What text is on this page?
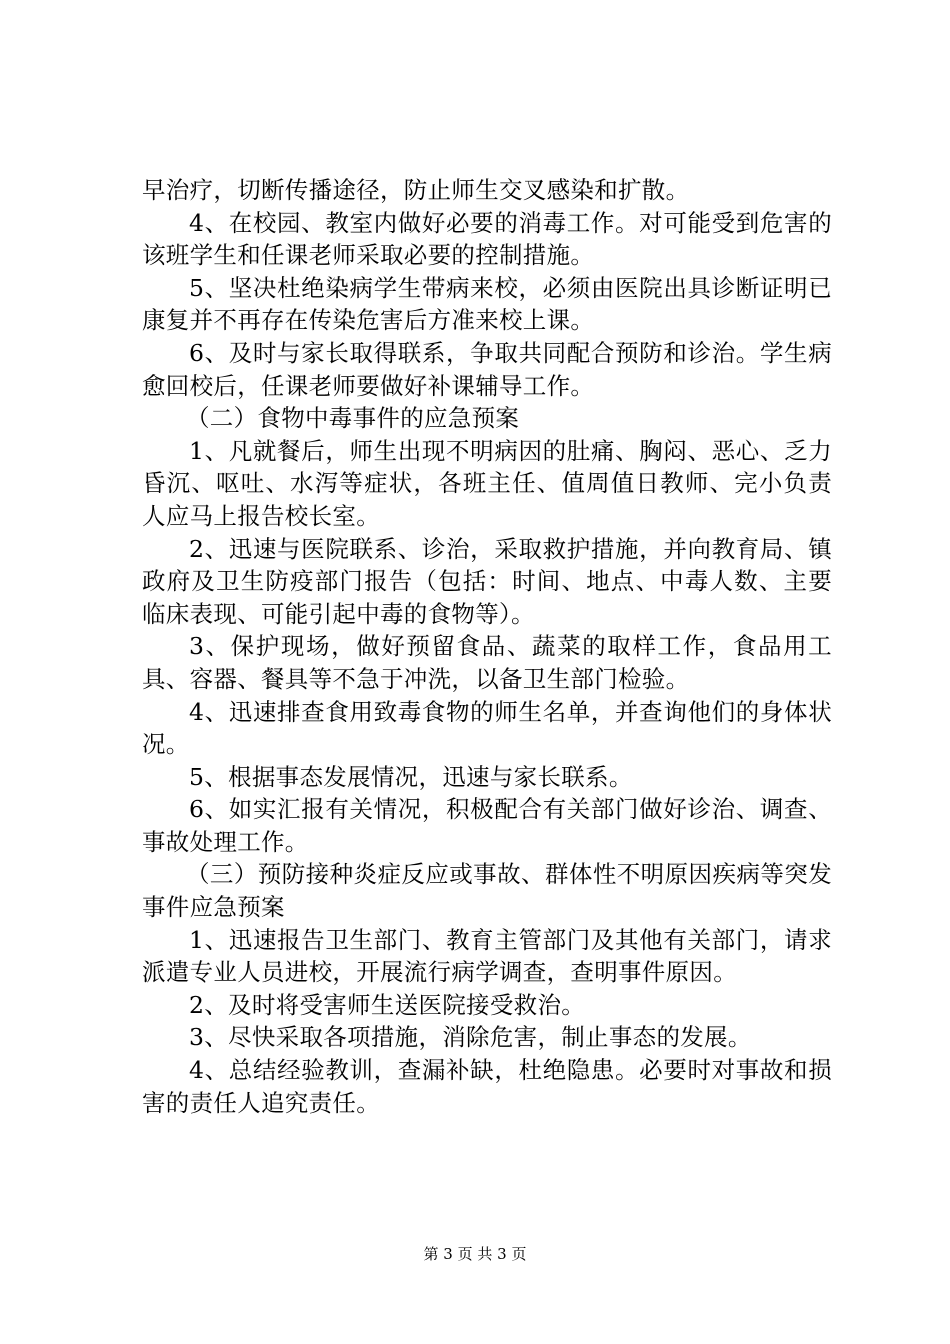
早治疗，切断传播途径，防止师生交叉感染和扩散。

4、在校园、教室内做好必要的消毒工作。对可能受到危害的该班学生和任课老师采取必要的控制措施。

5、坚决杜绝染病学生带病来校，必须由医院出具诊断证明已康复并不再存在传染危害后方准来校上课。

6、及时与家长取得联系，争取共同配合预防和诊治。学生病愈回校后，任课老师要做好补课辅导工作。

（二）食物中毒事件的应急预案

1、凡就餐后，师生出现不明病因的肚痛、胸闷、恶心、乏力昏沉、呕吐、水泻等症状，各班主任、值周值日教师、完小负责人应马上报告校长室。

2、迅速与医院联系、诊治，采取救护措施，并向教育局、镇政府及卫生防疫部门报告（包括：时间、地点、中毒人数、主要临床表现、可能引起中毒的食物等）。

3、保护现场，做好预留食品、蔬菜的取样工作，食品用工具、容器、餐具等不急于冲洗，以备卫生部门检验。

4、迅速排查食用致毒食物的师生名单，并查询他们的身体状况。

5、根据事态发展情况，迅速与家长联系。

6、如实汇报有关情况，积极配合有关部门做好诊治、调查、事故处理工作。

（三）预防接种炎症反应或事故、群体性不明原因疾病等突发事件应急预案

1、迅速报告卫生部门、教育主管部门及其他有关部门，请求派遣专业人员进校，开展流行病学调查，查明事件原因。

2、及时将受害师生送医院接受救治。

3、尽快采取各项措施，消除危害，制止事态的发展。

4、总结经验教训，查漏补缺，杜绝隐患。必要时对事故和损害的责任人追究责任。

第 3 页 共 3 页
